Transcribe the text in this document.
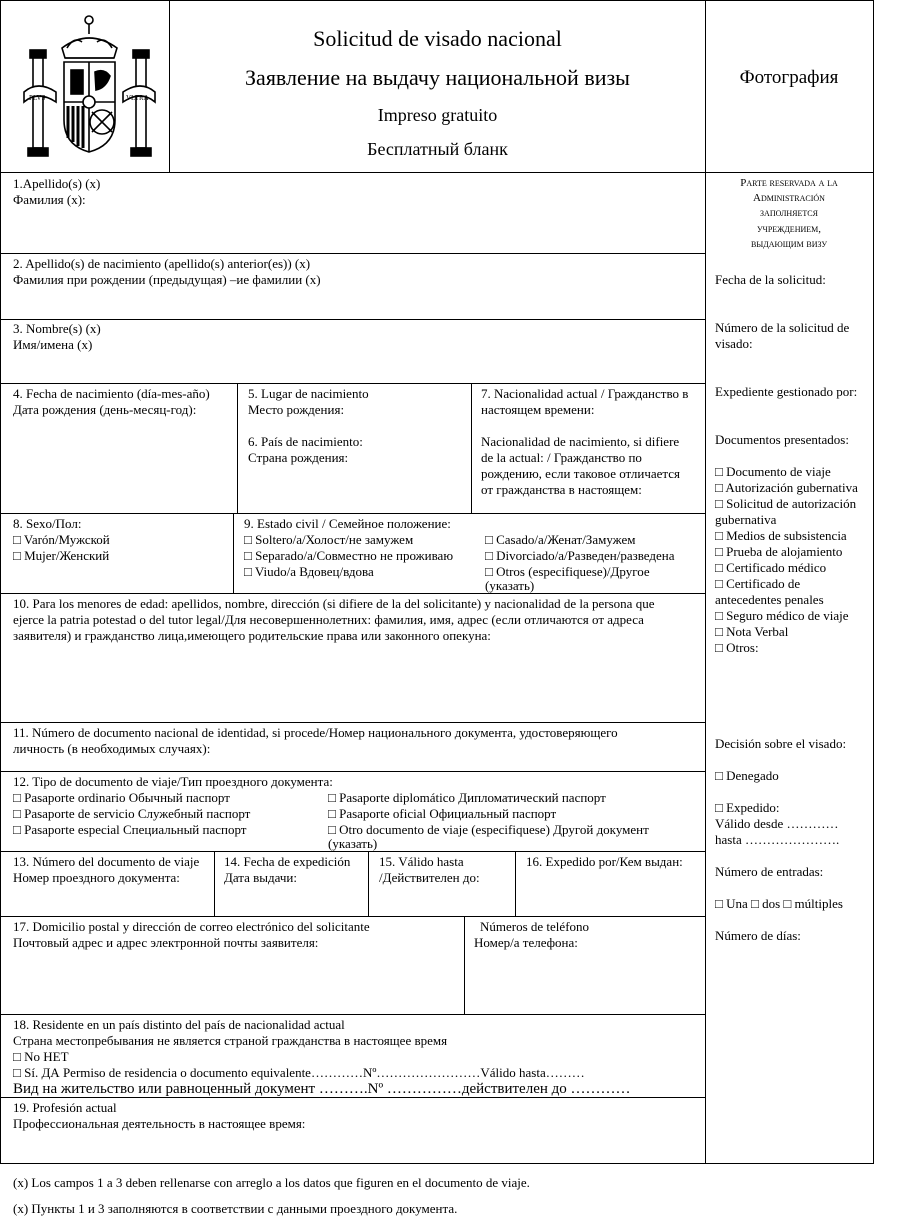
PLVS	VLTRA
Solicitud de visado nacional
Заявление на выдачу национальной визы
Impreso gratuito
Бесплатный бланк
Фотография
1.Apellido(s) (x)
Фамилия (x):
2. Apellido(s) de nacimiento (apellido(s) anterior(es)) (x)
Фамилия при рождении (предыдущая) –ие фамилии (x)
3. Nombre(s) (x)
Имя/имена (x)
4. Fecha de nacimiento (día-mes-año)
Дата рождения (день-месяц-год):
5. Lugar de nacimiento
Место рождения:
6. País de nacimiento:
Страна рождения:
7. Nacionalidad actual / Гражданство в
настоящем времени:
Nacionalidad de nacimiento, si difiere
de la actual: / Гражданство по
рождению, если таковое отличается
от гражданства в настоящем:
8. Sexo/Пол:
□ Varón/Мужской
□ Mujer/Женский
9. Estado civil / Семейное положение:
□ Soltero/a/Холост/не замужем
□ Separado/a/Совместно не проживаю
□ Viudo/a Вдовец/вдова
□ Casado/a/Женат/Замужем
□ Divorciado/a/Разведен/разведена
□ Otros (especifiquese)/Другое
(указать)
10. Para los menores de edad: apellidos, nombre, dirección (si difiere de la del solicitante) y nacionalidad de la persona que
ejerce la patria potestad o del tutor legal/Для несовершеннолетних: фамилия, имя, адрес (если отличаются от адреса
заявителя) и гражданство лица,имеющего родительские права или законного опекуна:
11. Número de documento nacional de identidad, si procede/Номер национального документа, удостоверяющего
личность (в необходимых случаях):
12. Tipo de documento de viaje/Тип проездного документа:
□ Pasaporte ordinario Обычный паспорт
□ Pasaporte de servicio Служебный паспорт
□ Pasaporte especial Специальный паспорт
□ Pasaporte diplomático Дипломатический паспорт
□ Pasaporte oficial Официальный паспорт
□ Otro documento de viaje (especifiquese) Другой документ
(указать)
13. Número del documento de viaje
Номер проездного документа:
14. Fecha de expedición
Дата выдачи:
15. Válido hasta
/Действителен до:
16. Expedido por/Кем выдан:
17. Domicilio postal y dirección de correo electrónico del solicitante
Почтовый адрес и адрес электронной почты заявителя:
Números de teléfono
Номер/а телефона:
18. Residente en un país distinto del país de nacionalidad actual
Страна местопребывания не является страной гражданства в настоящее время
□ No НЕТ
□ Sí. ДА Permiso de residencia o documento equivalente…………Nº……………………Válido hasta………
Вид на жительство или равноценный документ ……….Nº ……………действителен до …………
19. Profesión actual
Профессиональная деятельность в настоящее время:
Parte reservada a la
Administración
заполняется
учреждением,
выдающим визу
Fecha de la solicitud:
Número de la solicitud de
visado:
Expediente gestionado por:
Documentos presentados:
□ Documento de viaje
□ Autorización gubernativa
□ Solicitud de autorización
gubernativa
□ Medios de subsistencia
□ Prueba de alojamiento
□ Certificado médico
□ Certificado de
antecedentes penales
□ Seguro médico de viaje
□ Nota Verbal
□ Otros:
Decisión sobre el visado:
□ Denegado
□ Expedido:
Válido desde …………
hasta ………………….
Número de entradas:
□ Una □ dos □ múltiples
Número de días:
(x) Los campos 1 a 3 deben rellenarse con arreglo a los datos que figuren en el documento de viaje.
(x) Пункты 1 и 3 заполняются в соответствии с данными проездного документа.
